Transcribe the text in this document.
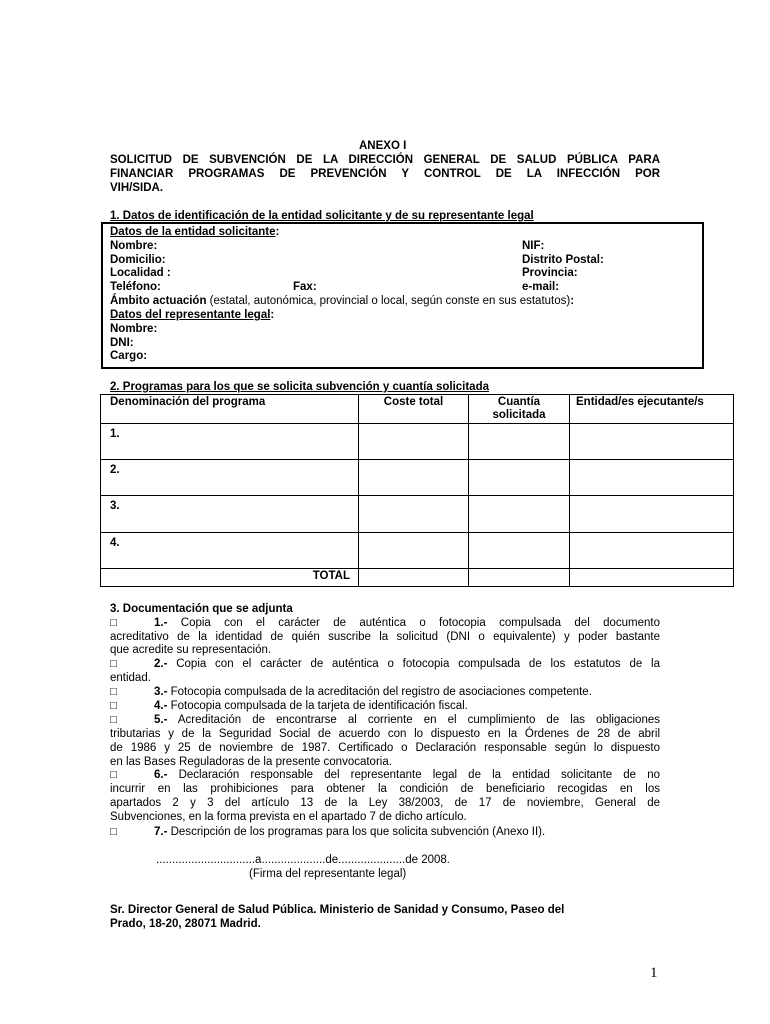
ANEXO I
SOLICITUD DE SUBVENCIÓN DE LA DIRECCIÓN GENERAL DE SALUD PÚBLICA PARA
FINANCIAR PROGRAMAS DE PREVENCIÓN Y CONTROL DE LA INFECCIÓN POR
VIH/SIDA.
1. Datos de identificación de la entidad solicitante y de su representante legal
Datos de la entidad solicitante:
Nombre:	NIF:
Domicilio:	Distrito Postal:
Localidad :	Provincia:
Teléfono:	Fax:	e-mail:
Ámbito actuación (estatal, autonómica, provincial o local, según conste en sus estatutos):
Datos del representante legal:
Nombre:
DNI:
Cargo:
2. Programas para los que se solicita subvención y cuantía solicitada
Denominación del programa	Coste total	Cuantía solicitada	Entidad/es ejecutante/s

1.			

2.			

3.			

4.			

TOTAL			

3. Documentación que se adjunta
□	1.- Copia con el carácter de auténtica o fotocopia compulsada del documento
acreditativo de la identidad de quién suscribe la solicitud (DNI o equivalente) y poder bastante
que acredite su representación.
□	2.- Copia con el carácter de auténtica o fotocopia compulsada de los estatutos de la
entidad.
□	3.- Fotocopia compulsada de la acreditación del registro de asociaciones competente.
□	4.- Fotocopia compulsada de la tarjeta de identificación fiscal.
□	5.- Acreditación de encontrarse al corriente en el cumplimiento de las obligaciones
tributarias y de la Seguridad Social de acuerdo con lo dispuesto en la Órdenes de 28 de abril
de 1986 y 25 de noviembre de 1987. Certificado o Declaración responsable según lo dispuesto
en las Bases Reguladoras de la presente convocatoria.
□	6.- Declaración responsable del representante legal de la entidad solicitante de no
incurrir en las prohibiciones para obtener la condición de beneficiario recogidas en los
apartados 2 y 3 del artículo 13 de la Ley 38/2003, de 17 de noviembre, General de
Subvenciones, en la forma prevista en el apartado 7 de dicho artículo.
□	7.- Descripción de los programas para los que solicita subvención (Anexo II).
...............................a....................de.....................de 2008.
(Firma del representante legal)
Sr. Director General de Salud Pública. Ministerio de Sanidad y Consumo, Paseo del
Prado, 18-20, 28071 Madrid.
1
